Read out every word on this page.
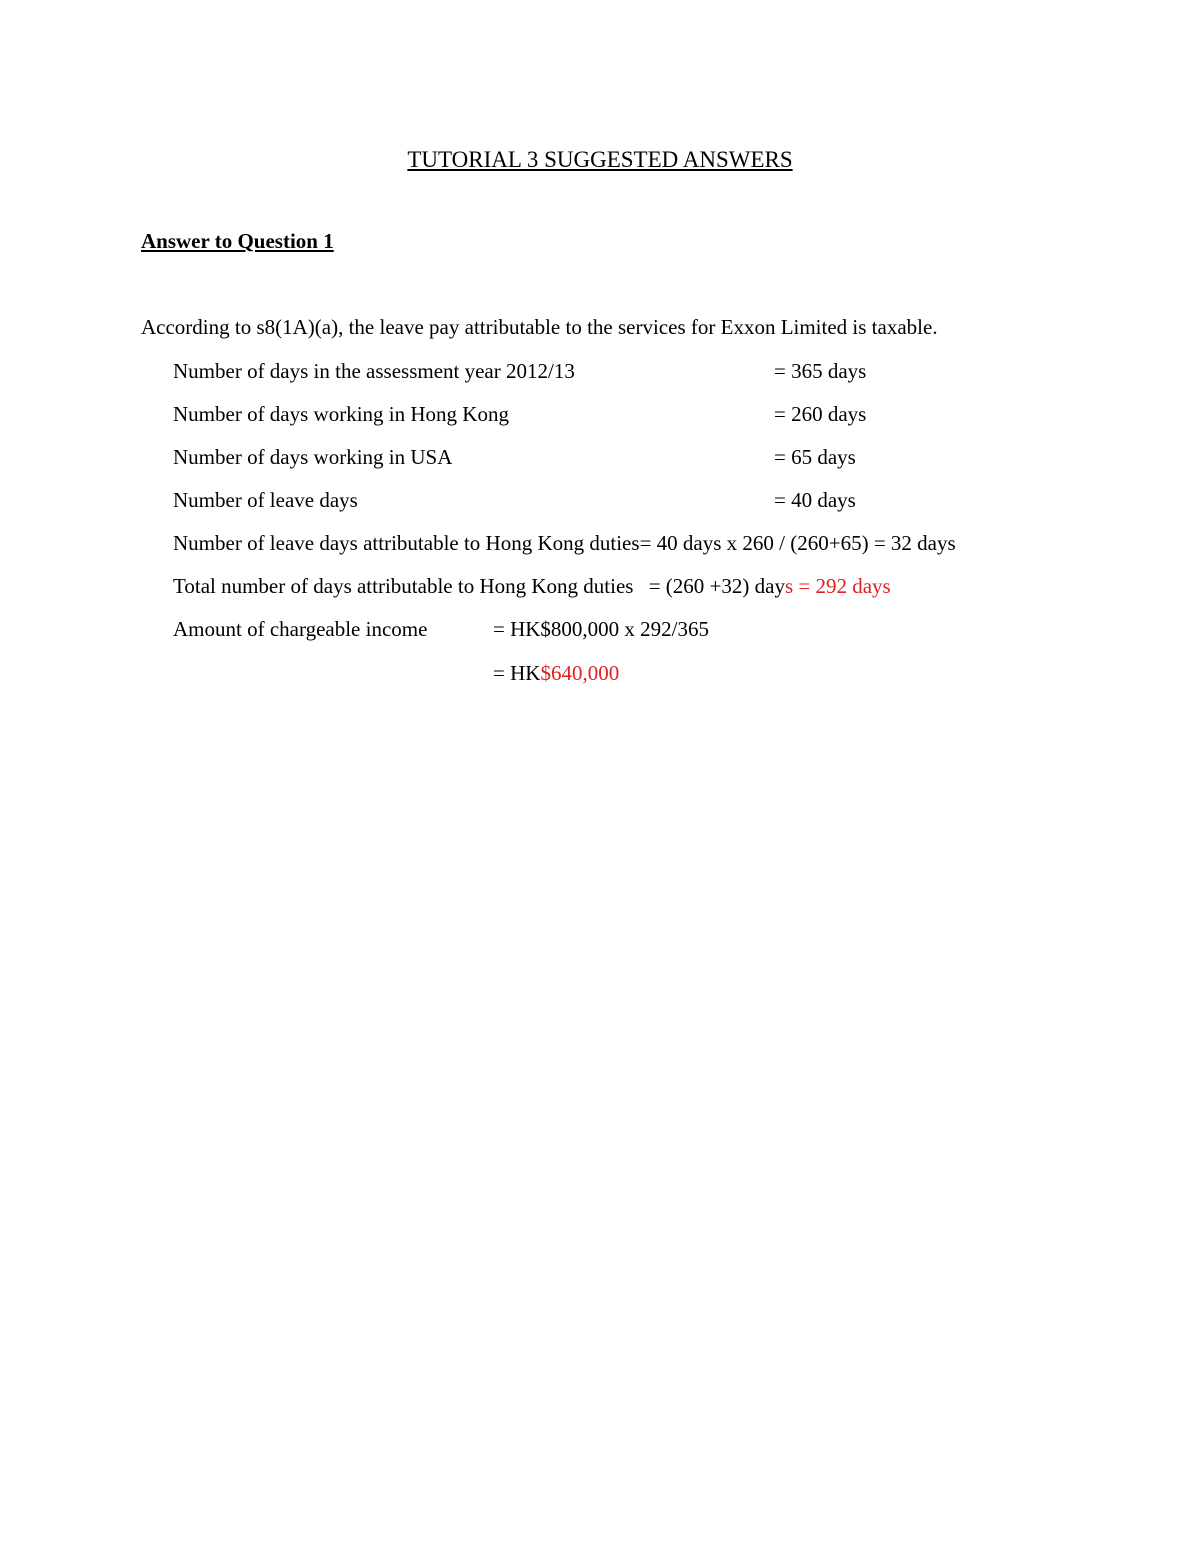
TUTORIAL 3 SUGGESTED ANSWERS
Answer to Question 1
According to s8(1A)(a), the leave pay attributable to the services for Exxon Limited is taxable.
Number of days in the assessment year 2012/13	= 365 days
Number of days working in Hong Kong	= 260 days
Number of days working in USA	= 65 days
Number of leave days	= 40 days
Number of leave days attributable to Hong Kong duties= 40 days x 260 / (260+65) = 32 days
Total number of days attributable to Hong Kong duties = (260 +32) days = 292 days
Amount of chargeable income	= HK$800,000 x 292/365
= HK$640,000
